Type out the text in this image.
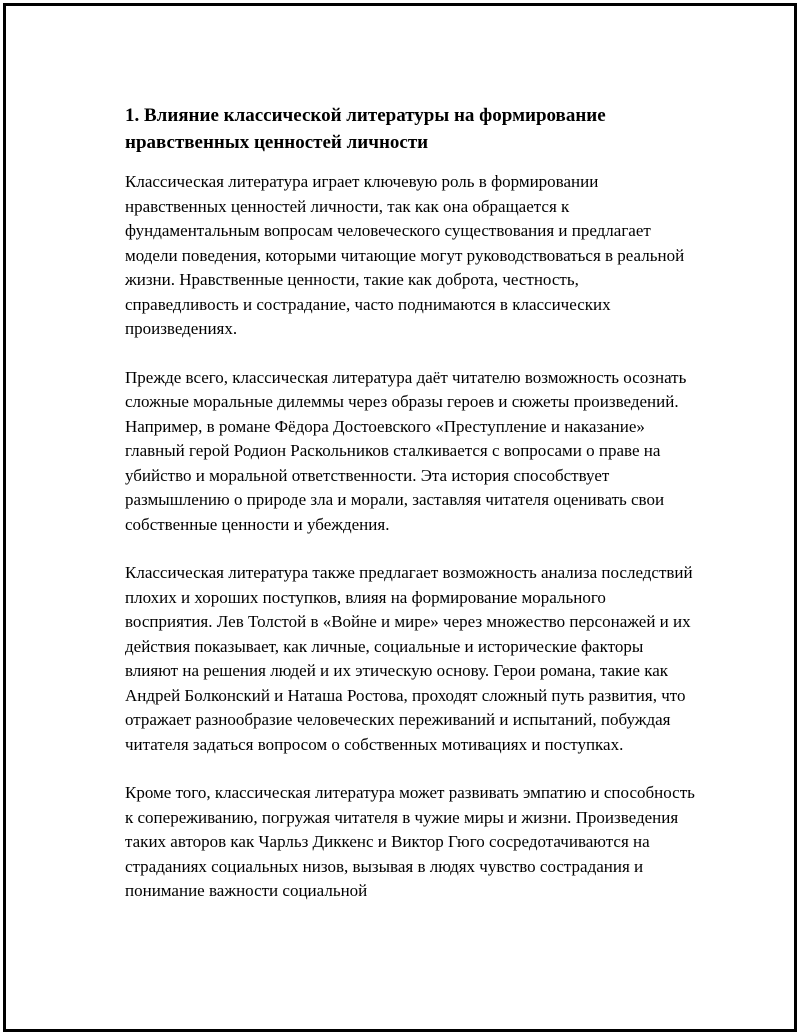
1. Влияние классической литературы на формирование нравственных ценностей личности

Классическая литература играет ключевую роль в формировании нравственных ценностей личности, так как она обращается к фундаментальным вопросам человеческого существования и предлагает модели поведения, которыми читающие могут руководствоваться в реальной жизни. Нравственные ценности, такие как доброта, честность, справедливость и сострадание, часто поднимаются в классических произведениях.

Прежде всего, классическая литература даёт читателю возможность осознать сложные моральные дилеммы через образы героев и сюжеты произведений. Например, в романе Фёдора Достоевского «Преступление и наказание» главный герой Родион Раскольников сталкивается с вопросами о праве на убийство и моральной ответственности. Эта история способствует размышлению о природе зла и морали, заставляя читателя оценивать свои собственные ценности и убеждения.

Классическая литература также предлагает возможность анализа последствий плохих и хороших поступков, влияя на формирование морального восприятия. Лев Толстой в «Войне и мире» через множество персонажей и их действия показывает, как личные, социальные и исторические факторы влияют на решения людей и их этическую основу. Герои романа, такие как Андрей Болконский и Наташа Ростова, проходят сложный путь развития, что отражает разнообразие человеческих переживаний и испытаний, побуждая читателя задаться вопросом о собственных мотивациях и поступках.

Кроме того, классическая литература может развивать эмпатию и способность к сопереживанию, погружая читателя в чужие миры и жизни. Произведения таких авторов как Чарльз Диккенс и Виктор Гюго сосредотачиваются на страданиях социальных низов, вызывая в людях чувство сострадания и понимание важности социальной
